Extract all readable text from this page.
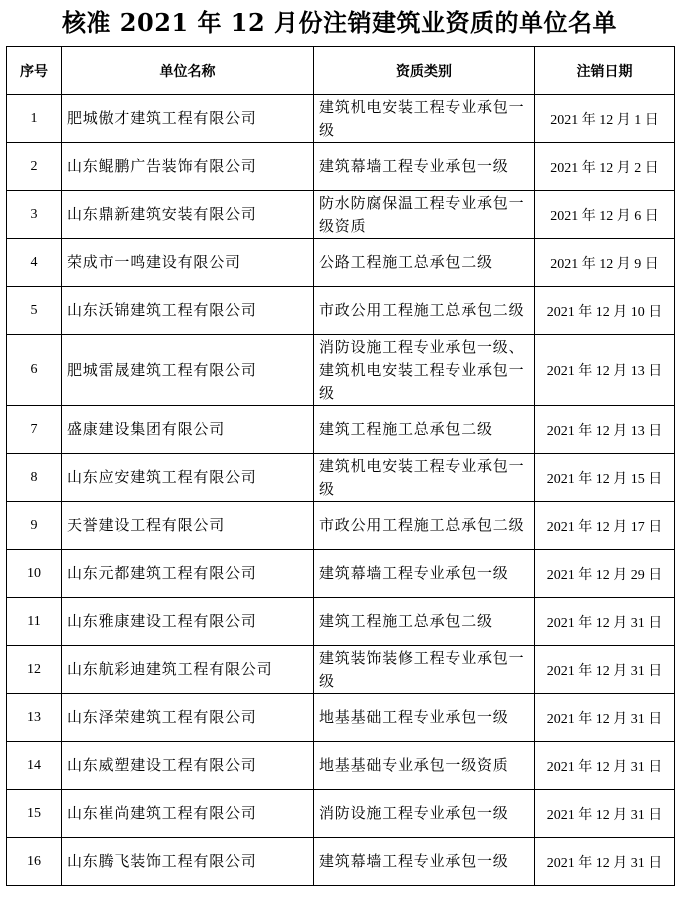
核准 2021 年 12 月份注销建筑业资质的单位名单
序号	单位名称	资质类别	注销日期
1	肥城傲才建筑工程有限公司	建筑机电安装工程专业承包一级	2021 年 12 月 1 日
2	山东鲲鹏广告装饰有限公司	建筑幕墙工程专业承包一级	2021 年 12 月 2 日
3	山东鼎新建筑安装有限公司	防水防腐保温工程专业承包一级资质	2021 年 12 月 6 日
4	荣成市一鸣建设有限公司	公路工程施工总承包二级	2021 年 12 月 9 日
5	山东沃锦建筑工程有限公司	市政公用工程施工总承包二级	2021 年 12 月 10 日
6	肥城雷晟建筑工程有限公司	消防设施工程专业承包一级、建筑机电安装工程专业承包一级	2021 年 12 月 13 日
7	盛康建设集团有限公司	建筑工程施工总承包二级	2021 年 12 月 13 日
8	山东应安建筑工程有限公司	建筑机电安装工程专业承包一级	2021 年 12 月 15 日
9	天誉建设工程有限公司	市政公用工程施工总承包二级	2021 年 12 月 17 日
10	山东元都建筑工程有限公司	建筑幕墙工程专业承包一级	2021 年 12 月 29 日
11	山东雅康建设工程有限公司	建筑工程施工总承包二级	2021 年 12 月 31 日
12	山东航彩迪建筑工程有限公司	建筑装饰装修工程专业承包一级	2021 年 12 月 31 日
13	山东泽荣建筑工程有限公司	地基基础工程专业承包一级	2021 年 12 月 31 日
14	山东威塑建设工程有限公司	地基基础专业承包一级资质	2021 年 12 月 31 日
15	山东崔尚建筑工程有限公司	消防设施工程专业承包一级	2021 年 12 月 31 日
16	山东腾飞装饰工程有限公司	建筑幕墙工程专业承包一级	2021 年 12 月 31 日
